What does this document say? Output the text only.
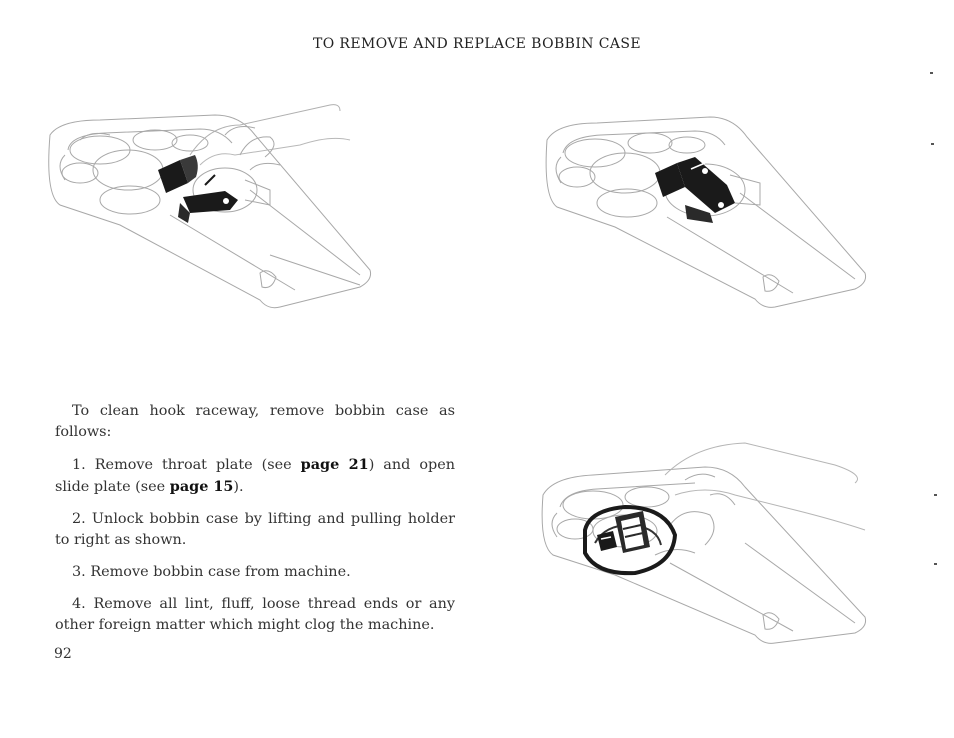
TO REMOVE AND REPLACE BOBBIN CASE

To clean hook raceway, remove bobbin case as follows:

1. Remove throat plate (see page 21) and open slide plate (see page 15).

2. Unlock bobbin case by lifting and pulling holder to right as shown.

3. Remove bobbin case from machine.

4. Remove all lint, fluff, loose thread ends or any other foreign matter which might clog the machine.

92
